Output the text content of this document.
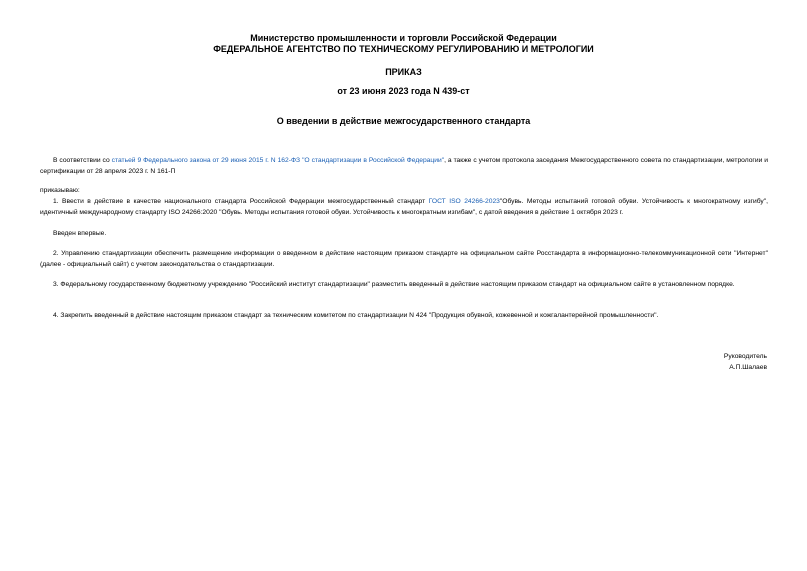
Министерство промышленности и торговли Российской Федерации
ФЕДЕРАЛЬНОЕ АГЕНТСТВО ПО ТЕХНИЧЕСКОМУ РЕГУЛИРОВАНИЮ И МЕТРОЛОГИИ
ПРИКАЗ
от 23 июня 2023 года N 439-ст
О введении в действие межгосударственного стандарта
В соответствии со статьей 9 Федерального закона от 29 июня 2015 г. N 162-ФЗ "О стандартизации в Российской Федерации", а также с учетом протокола заседания Межгосударственного совета по стандартизации, метрологии и сертификации от 28 апреля 2023 г. N 161-П
приказываю:
1. Ввести в действие в качестве национального стандарта Российской Федерации межгосударственный стандарт ГОСТ ISO 24266-2023"Обувь. Методы испытаний готовой обуви. Устойчивость к многократному изгибу", идентичный международному стандарту ISO 24266:2020 "Обувь. Методы испытания готовой обуви. Устойчивость к многократным изгибам", с датой введения в действие 1 октября 2023 г.
Введен впервые.
2. Управлению стандартизации обеспечить размещение информации о введенном в действие настоящим приказом стандарте на официальном сайте Росстандарта в информационно-телекоммуникационной сети "Интернет" (далее - официальный сайт) с учетом законодательства о стандартизации.
3. Федеральному государственному бюджетному учреждению "Российский институт стандартизации" разместить введенный в действие настоящим приказом стандарт на официальном сайте в установленном порядке.
4. Закрепить введенный в действие настоящим приказом стандарт за техническим комитетом по стандартизации N 424 "Продукция обувной, кожевенной и кожгалантерейной промышленности".
Руководитель
А.П.Шалаев
